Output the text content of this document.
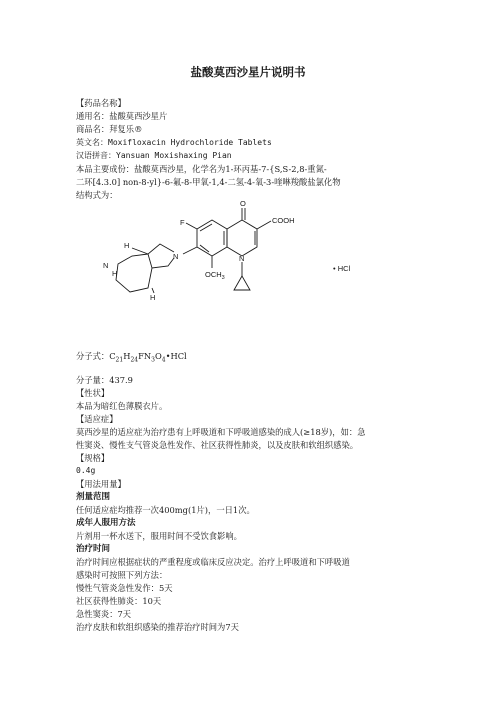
盐酸莫西沙星片说明书
【药品名称】
通用名：盐酸莫西沙星片
商品名：拜复乐®
英文名：Moxifloxacin Hydrochloride Tablets
汉语拼音：Yansuan Moxishaxing Pian
本品主要成份：盐酸莫西沙星，化学名为1-环丙基-7-{S,S-2,8-重氮-
二环[4.3.0] non-8-yl}-6-氟-8-甲氧-1,4-二氢-4-氧-3-喹啉羧酸盐氯化物
结构式为：
O
COOH
F
N
$OCH_3$
N
H
N
H
H
• HCl
分子式：$C_{21}H_{24}FN_3O_4•HCl$
分子量：437.9
【性状】
本品为暗红色薄膜衣片。
【适应症】
莫西沙星的适应症为治疗患有上呼吸道和下呼吸道感染的成人(≥18岁)，如：急
性窦炎、慢性支气管炎急性发作、社区获得性肺炎，以及皮肤和软组织感染。
【规格】
0.4g
【用法用量】
剂量范围
任何适应症均推荐一次400mg(1片)，一日1次。
成年人服用方法
片剂用一杯水送下，服用时间不受饮食影响。
治疗时间
治疗时间应根据症状的严重程度或临床反应决定。治疗上呼吸道和下呼吸道
感染时可按照下列方法：
慢性气管炎急性发作：5天
社区获得性肺炎：10天
急性窦炎：7天
治疗皮肤和软组织感染的推荐治疗时间为7天
